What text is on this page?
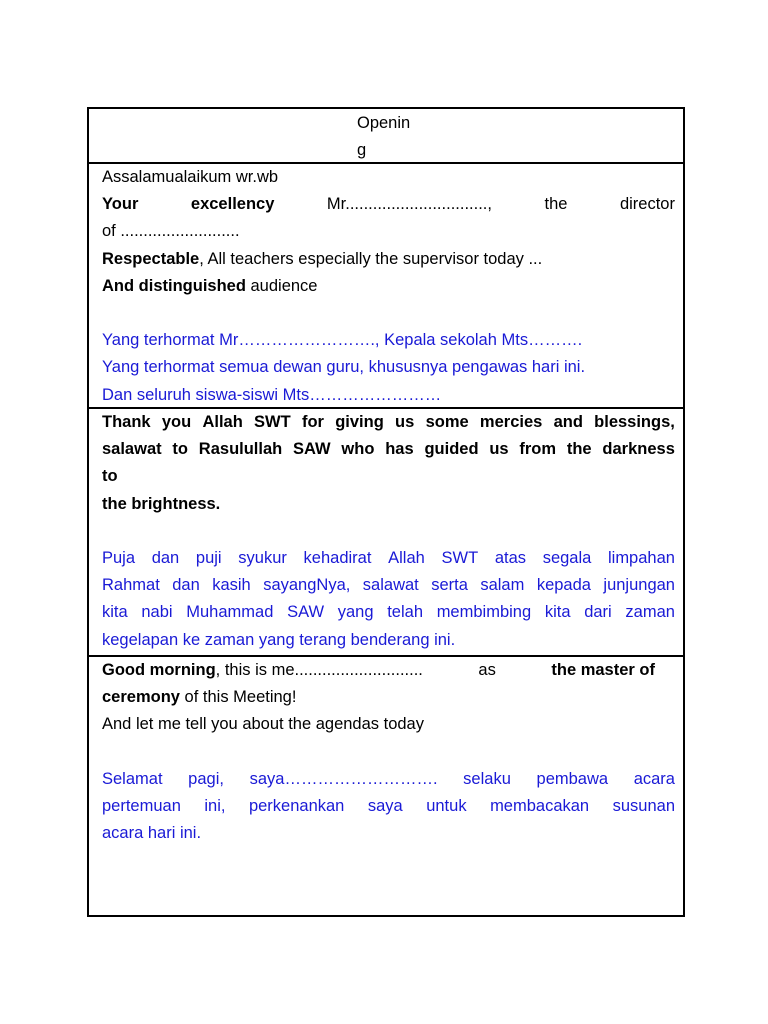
Openin
g
Assalamualaikum wr.wb
Your	excellency	Mr...............................,	the	director
of ..........................
Respectable, All teachers especially the supervisor today ...
And distinguished audience
Yang terhormat Mr……………………., Kepala sekolah Mts……….
Yang terhormat semua dewan guru, khususnya pengawas hari ini.
Dan seluruh siswa-siswi Mts……………………
Thank you Allah SWT for giving us some mercies and blessings,
salawat to Rasulullah SAW who has guided us from the darkness
to
the brightness.
Puja dan puji syukur kehadirat Allah SWT atas segala limpahan
Rahmat dan kasih sayangNya, salawat serta salam kepada junjungan
kita nabi Muhammad SAW yang telah membimbing kita dari zaman
kegelapan ke zaman yang terang benderang ini.
Good morning, this is me............................	as	the master of
ceremony of this Meeting!
And let me tell you about the agendas today
Selamat pagi, saya………………………. selaku pembawa acara
pertemuan ini, perkenankan saya untuk membacakan susunan
acara hari ini.
